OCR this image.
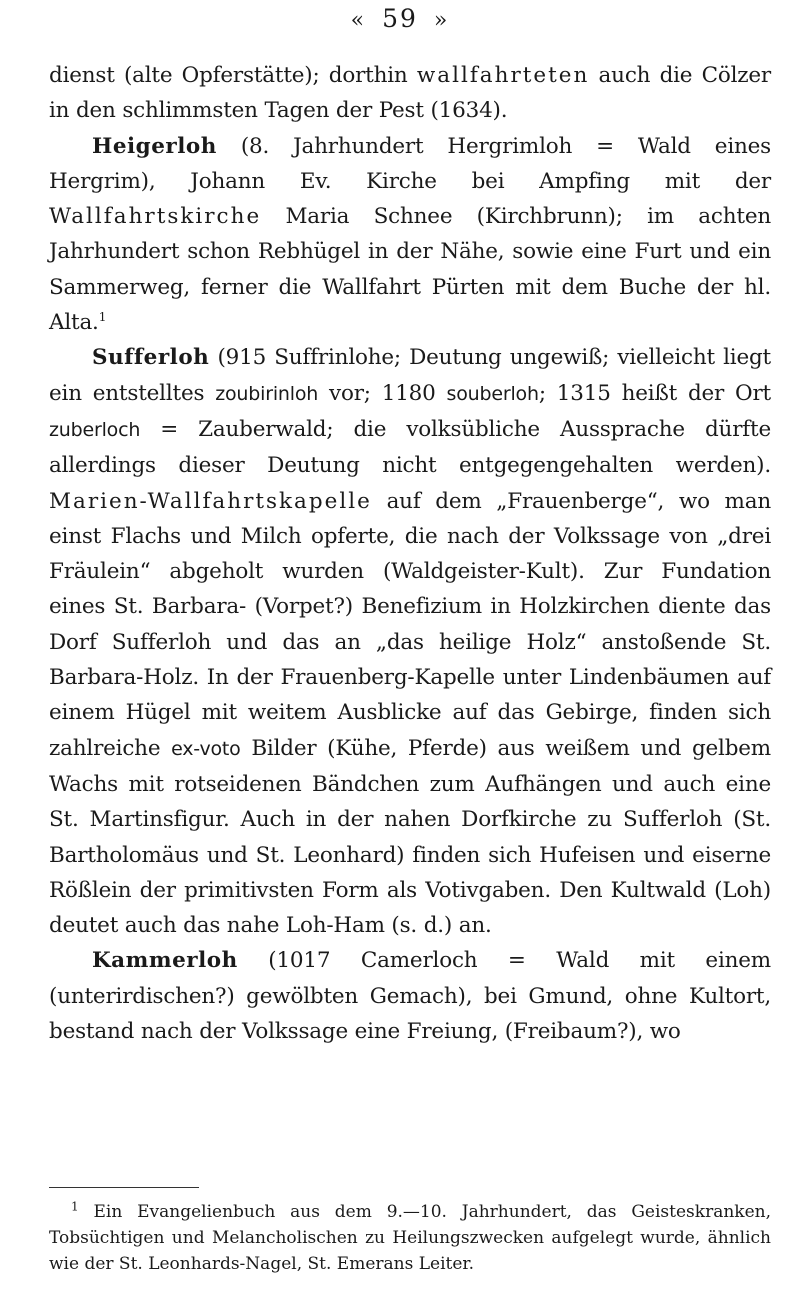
« 59 »

dienst (alte Opferstätte); dorthin wallfahrteten auch die Cölzer in den schlimmsten Tagen der Pest (1634).

Heigerloh (8. Jahrhundert Hergrimloh = Wald eines Hergrim), Johann Ev. Kirche bei Ampfing mit der Wallfahrtskirche Maria Schnee (Kirchbrunn); im achten Jahrhundert schon Rebhügel in der Nähe, sowie eine Furt und ein Sammerweg, ferner die Wallfahrt Pürten mit dem Buche der hl. Alta.$^1$

Sufferloh (915 Suffrinlohe; Deutung ungewiß; vielleicht liegt ein entstelltes zoubirinloh vor; 1180 souberloh; 1315 heißt der Ort zuberloch = Zauberwald; die volksübliche Aussprache dürfte allerdings dieser Deutung nicht entgegengehalten werden). Marien-Wallfahrtskapelle auf dem „Frauenberge“, wo man einst Flachs und Milch opferte, die nach der Volkssage von „drei Fräulein“ abgeholt wurden (Waldgeister-Kult). Zur Fundation eines St. Barbara- (Vorpet?) Benefizium in Holzkirchen diente das Dorf Sufferloh und das an „das heilige Holz“ anstoßende St. Barbara-Holz. In der Frauenberg-Kapelle unter Lindenbäumen auf einem Hügel mit weitem Ausblicke auf das Gebirge, finden sich zahlreiche ex-voto Bilder (Kühe, Pferde) aus weißem und gelbem Wachs mit rotseidenen Bändchen zum Aufhängen und auch eine St. Martinsfigur. Auch in der nahen Dorfkirche zu Sufferloh (St. Bartholomäus und St. Leonhard) finden sich Hufeisen und eiserne Rößlein der primitivsten Form als Votivgaben. Den Kultwald (Loh) deutet auch das nahe Loh-Ham (s. d.) an.

Kammerloh (1017 Camerloch = Wald mit einem (unterirdischen?) gewölbten Gemach), bei Gmund, ohne Kultort, bestand nach der Volkssage eine Freiung, (Freibaum?), wo

$^1$ Ein Evangelienbuch aus dem 9.—10. Jahrhundert, das Geisteskranken, Tobsüchtigen und Melancholischen zu Heilungszwecken aufgelegt wurde, ähnlich wie der St. Leonhards-Nagel, St. Emerans Leiter.
